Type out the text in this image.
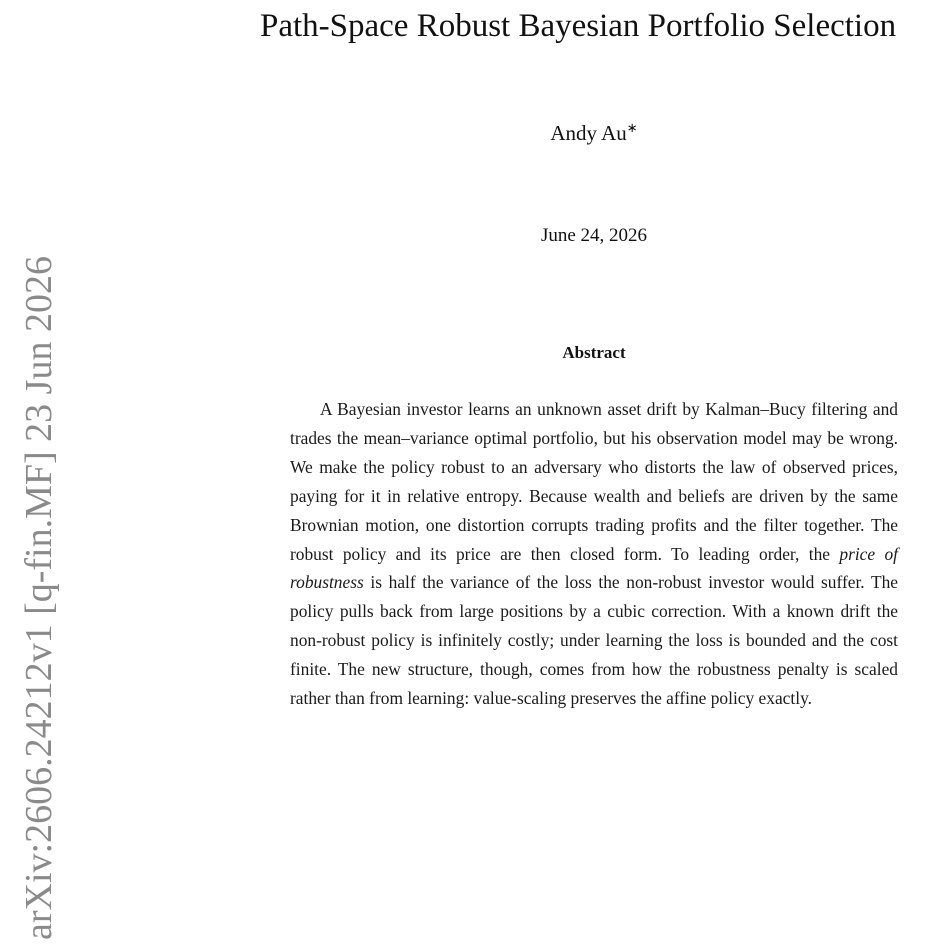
arXiv:2606.24212v1 [q-fin.MF] 23 Jun 2026
Path-Space Robust Bayesian Portfolio Selection
Andy Au∗
June 24, 2026
Abstract

A Bayesian investor learns an unknown asset drift by Kalman–Bucy filtering and trades the mean–variance optimal portfolio, but his observation model may be wrong. We make the policy robust to an adversary who distorts the law of observed prices, paying for it in relative entropy. Because wealth and beliefs are driven by the same Brownian motion, one distortion corrupts trading profits and the filter together. The robust policy and its price are then closed form. To leading order, the price of robustness is half the variance of the loss the non-robust investor would suffer. The policy pulls back from large positions by a cubic correction. With a known drift the non-robust policy is infinitely costly; under learning the loss is bounded and the cost finite. The new structure, though, comes from how the robustness penalty is scaled rather than from learning: value-scaling preserves the affine policy exactly.
